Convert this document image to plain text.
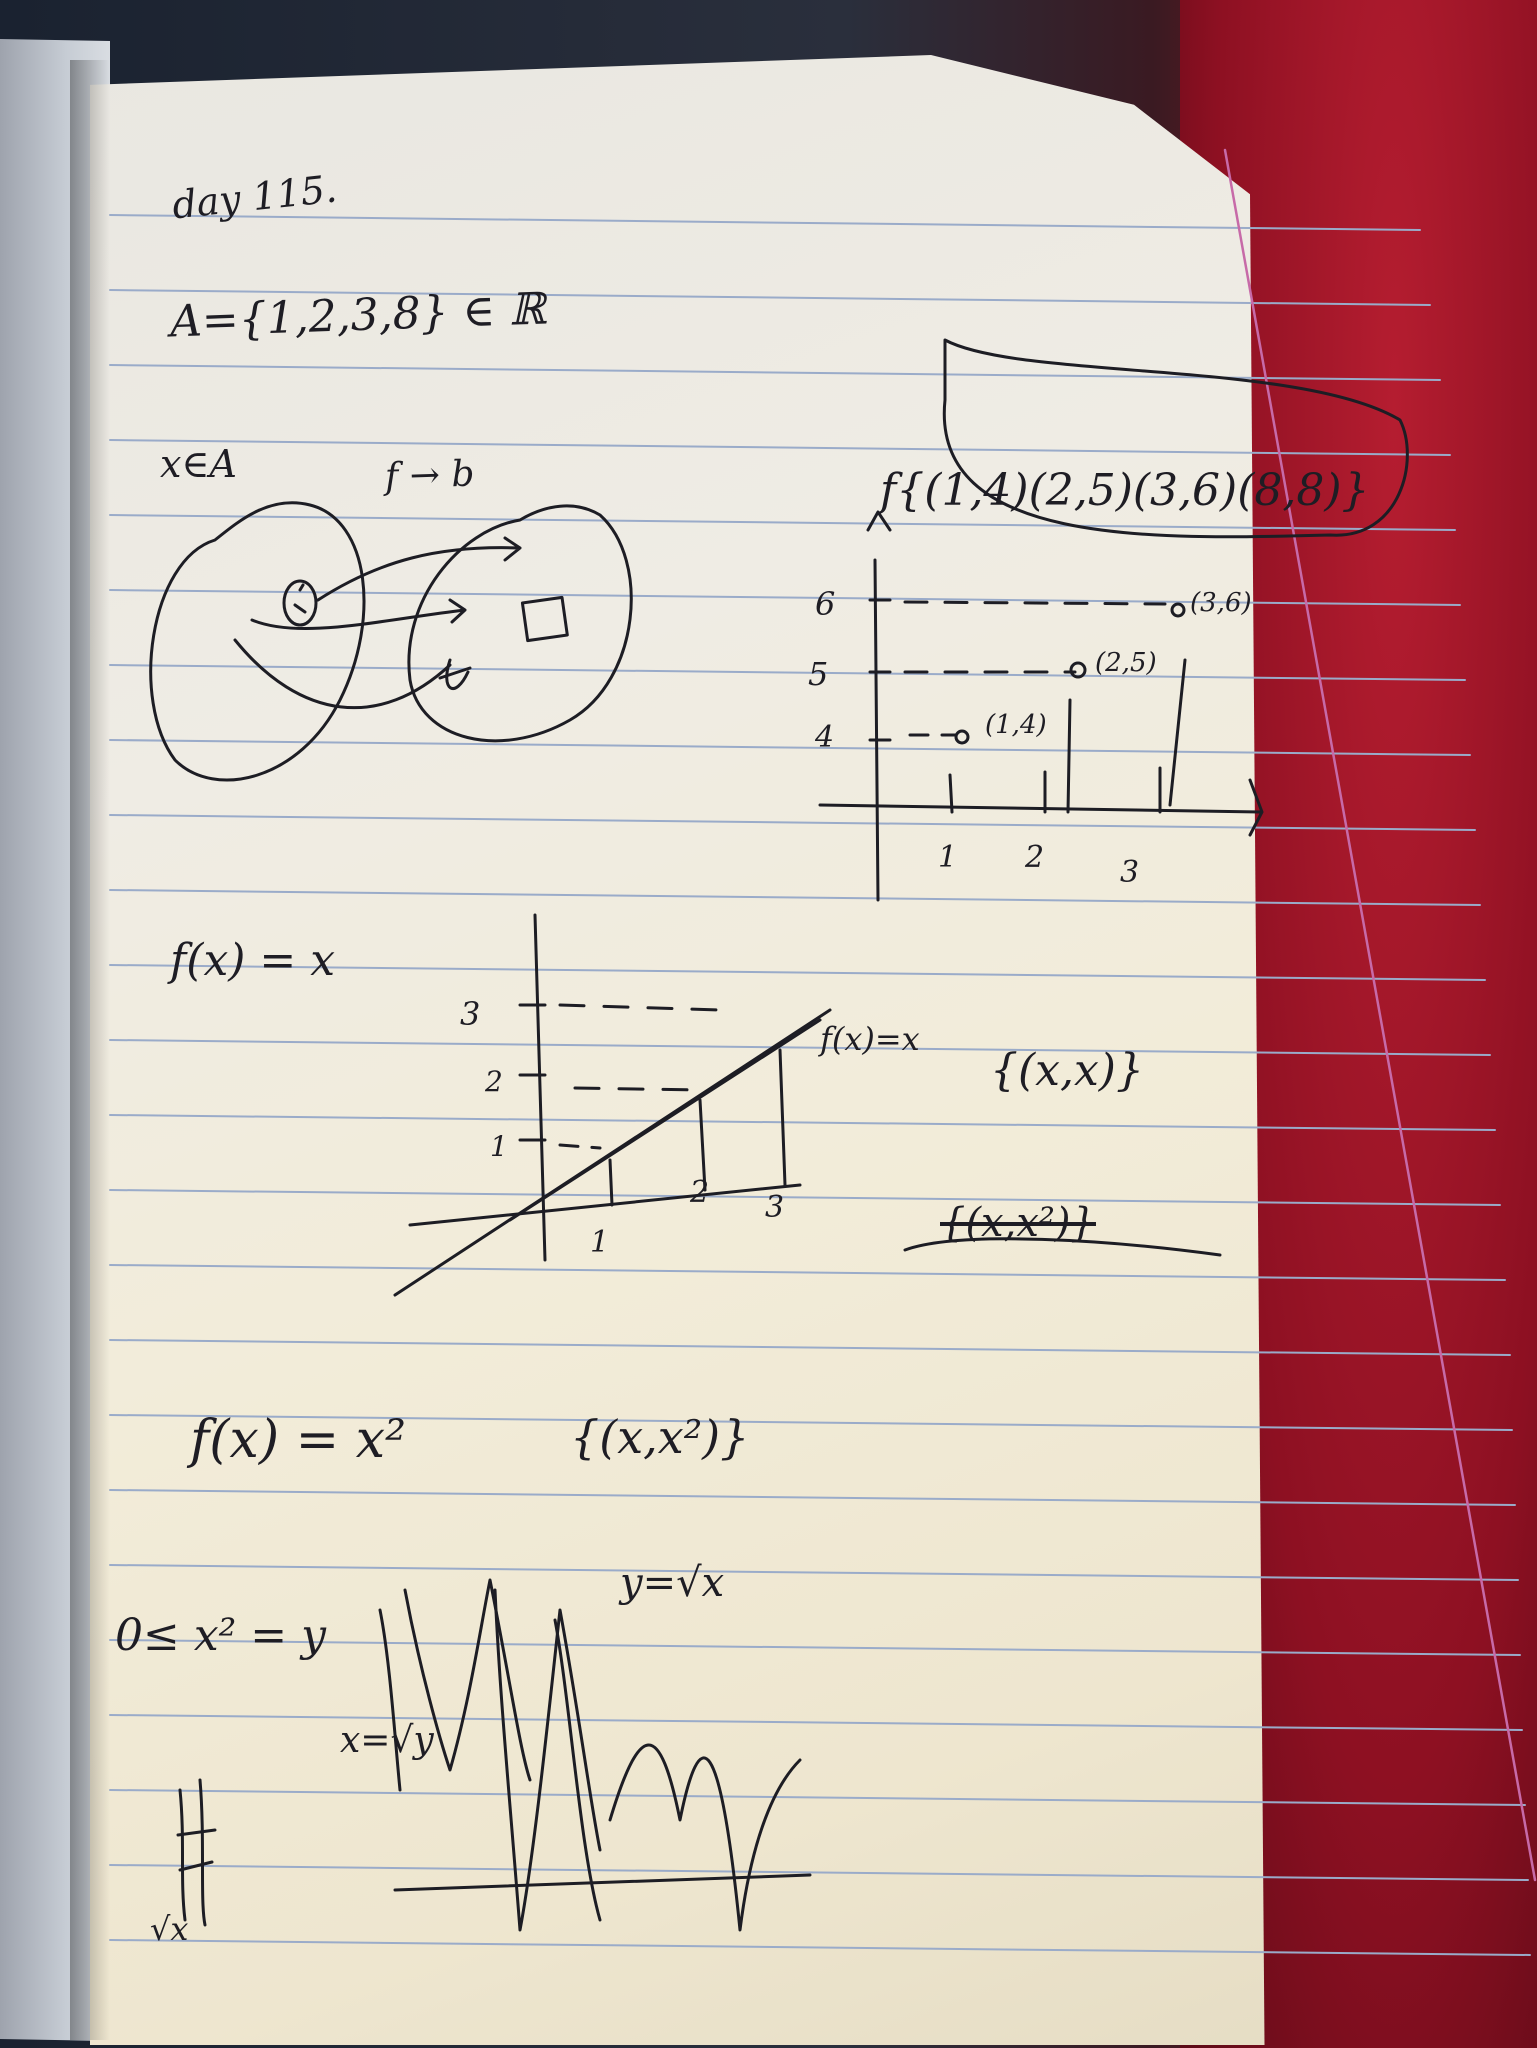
day 115.
A={1,2,3,8} ∈ ℝ
x∈A	f → b	f{(1,4)(2,5)(3,6)(8,8)}
4
5
6
1 2	3
(1,4)
(2,5)
(3,6)
f(x) = x
1
2
3
1
2 3
f(x)=x
{(x,x)}
{(x,x²)}
f(x) = x²	{(x,x²)}
0≤ x² = y
x=√y
y=√x
√x
